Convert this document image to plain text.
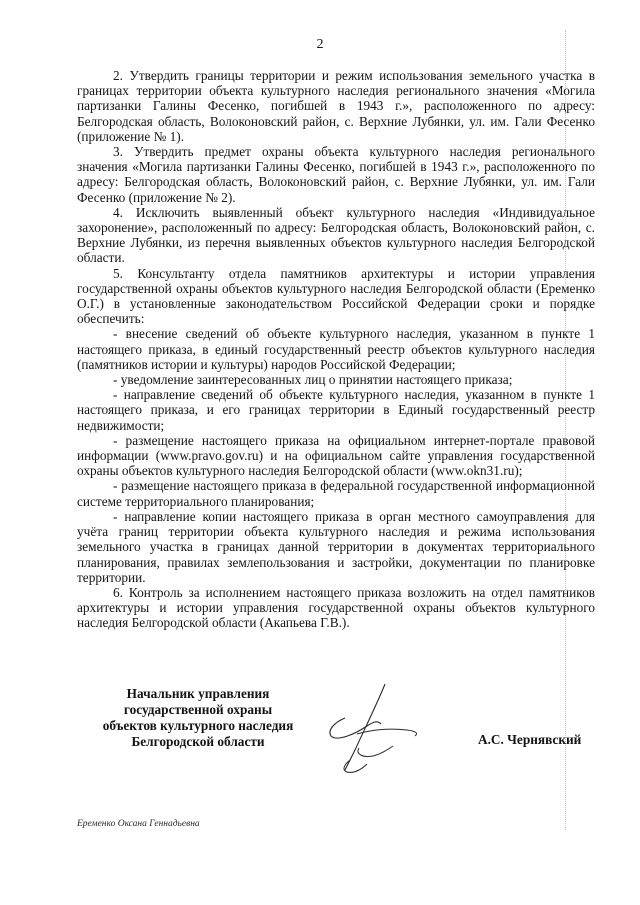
2

2. Утвердить границы территории и режим использования земельного участка в границах территории объекта культурного наследия регионального значения «Могила партизанки Галины Фесенко, погибшей в 1943 г.», расположенного по адресу: Белгородская область, Волоконовский район, с. Верхние Лубянки, ул. им. Гали Фесенко (приложение № 1).

3. Утвердить предмет охраны объекта культурного наследия регионального значения «Могила партизанки Галины Фесенко, погибшей в 1943 г.», расположенного по адресу: Белгородская область, Волоконовский район, с. Верхние Лубянки, ул. им. Гали Фесенко (приложение № 2).

4. Исключить выявленный объект культурного наследия «Индивидуальное захоронение», расположенный по адресу: Белгородская область, Волоконовский район, с. Верхние Лубянки, из перечня выявленных объектов культурного наследия Белгородской области.

5. Консультанту отдела памятников архитектуры и истории управления государственной охраны объектов культурного наследия Белгородской области (Еременко О.Г.) в установленные законодательством Российской Федерации сроки и порядке обеспечить:

- внесение сведений об объекте культурного наследия, указанном в пункте 1 настоящего приказа, в единый государственный реестр объектов культурного наследия (памятников истории и культуры) народов Российской Федерации;

- уведомление заинтересованных лиц о принятии настоящего приказа;

- направление сведений об объекте культурного наследия, указанном в пункте 1 настоящего приказа, и его границах территории в Единый государственный реестр недвижимости;

- размещение настоящего приказа на официальном интернет-портале правовой информации (www.pravo.gov.ru) и на официальном сайте управления государственной охраны объектов культурного наследия Белгородской области (www.okn31.ru);

- размещение настоящего приказа в федеральной государственной информационной системе территориального планирования;

- направление копии настоящего приказа в орган местного самоуправления для учёта границ территории объекта культурного наследия и режима использования земельного участка в границах данной территории в документах территориального планирования, правилах землепользования и застройки, документации по планировке территории.

6. Контроль за исполнением настоящего приказа возложить на отдел памятников архитектуры и истории управления государственной охраны объектов культурного наследия Белгородской области (Акапьева Г.В.).

Начальник управления
государственной охраны
объектов культурного наследия
Белгородской области	А.С. Чернявский
Еременко Оксана Геннадьевна
